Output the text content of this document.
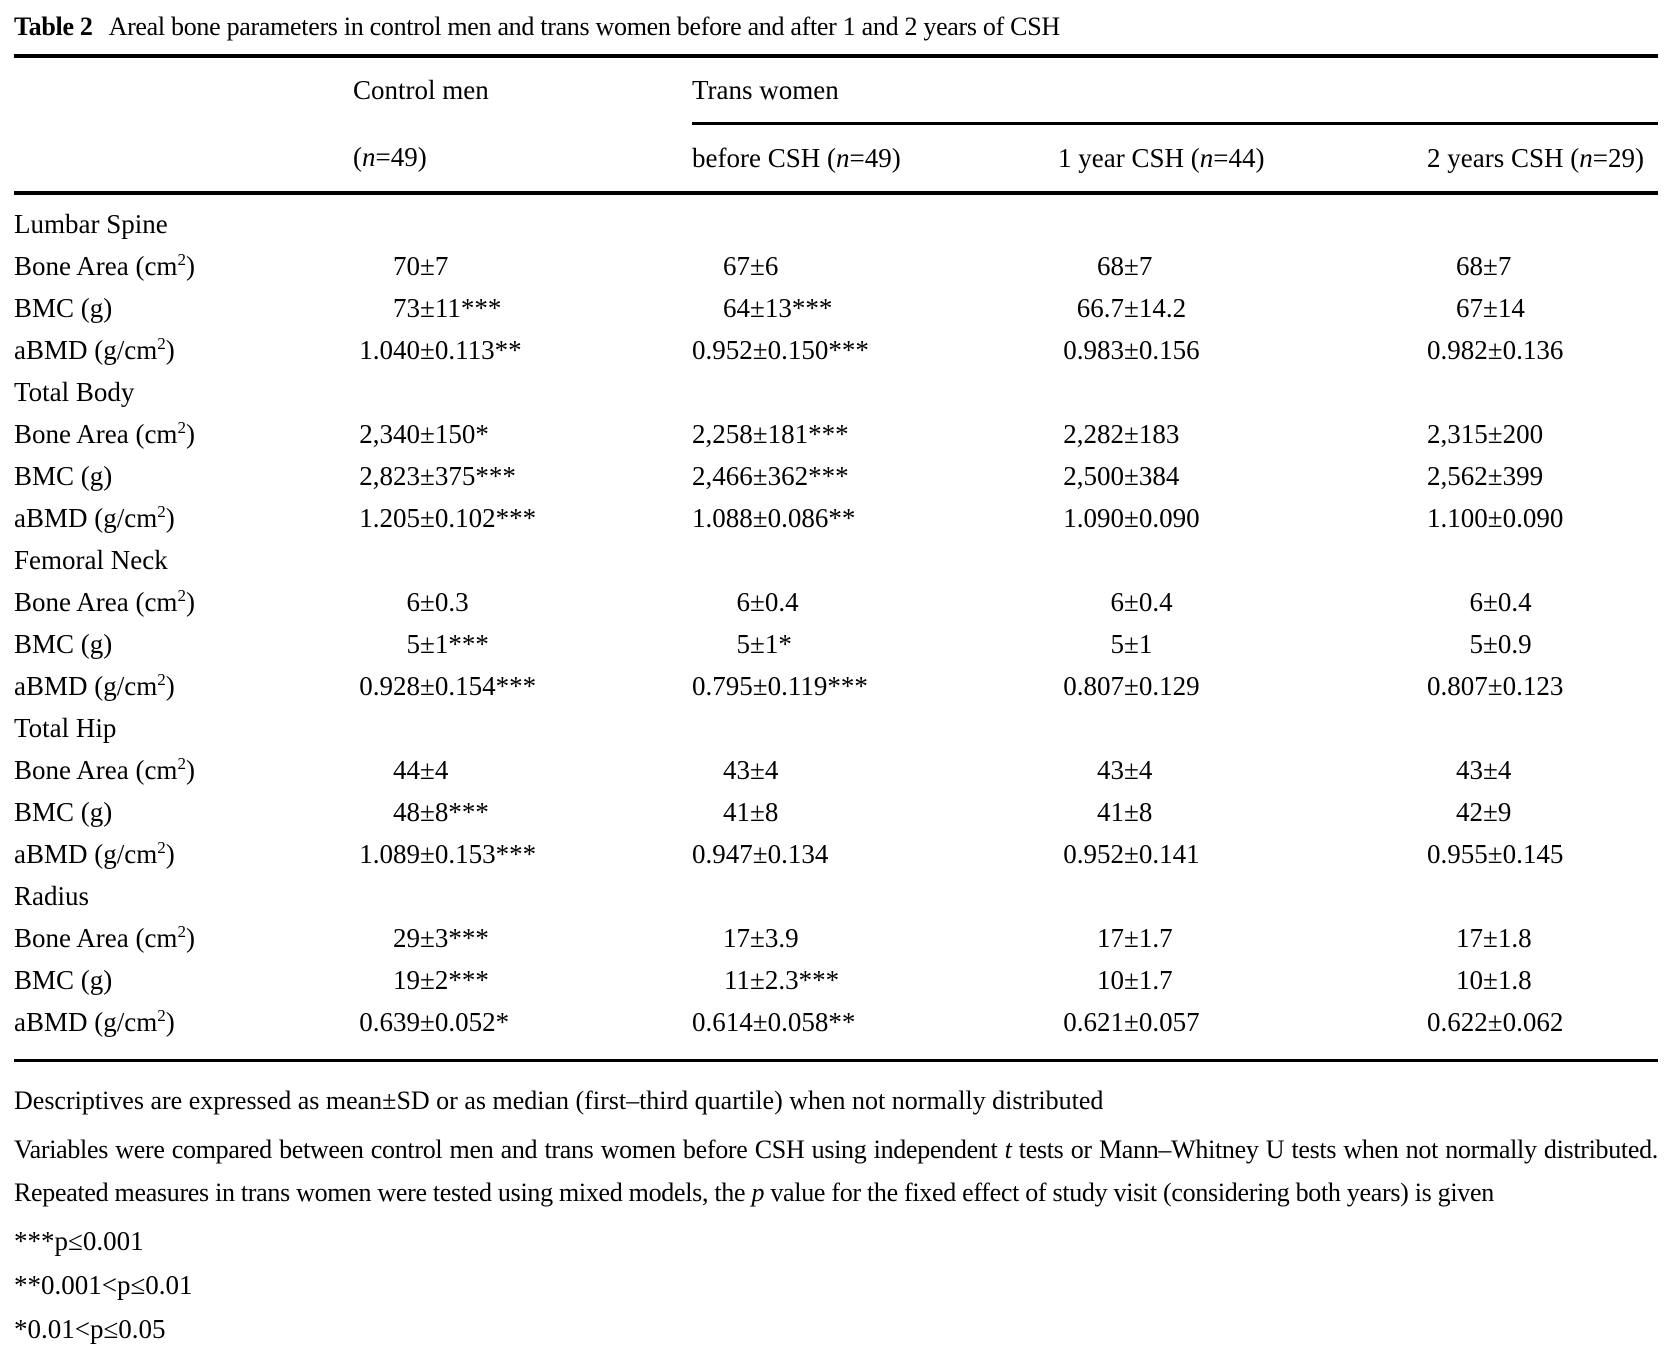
Table 2 Areal bone parameters in control men and trans women before and after 1 and 2 years of CSH
	Control men	Trans women		
	(n=49)	before CSH (n=49)	1 year CSH (n=44)	2 years CSH (n=29)
Lumbar Spine				
Bone Area $(cm^2)$	70 ± 7	67 ± 6	68 ± 7	68 ± 7

BMC (g)	73 ± 11***	64 ± 13***	66.7 ± 14.2	67 ± 14

aBMD $(g/cm^2)$	1.040 ± 0.113**	0.952 ± 0.150***	0.983 ± 0.156	0.982 ± 0.136

Total Body				
Bone Area $(cm^2)$	2,340 ± 150*	2,258 ± 181***	2,282 ± 183	2,315 ± 200

BMC (g)	2,823 ± 375***	2,466 ± 362***	2,500 ± 384	2,562 ± 399

aBMD $(g/cm^2)$	1.205 ± 0.102***	1.088 ± 0.086**	1.090 ± 0.090	1.100 ± 0.090

Femoral Neck				
Bone Area $(cm^2)$	6 ± 0.3	6 ± 0.4	6 ± 0.4	6 ± 0.4

BMC (g)	5 ± 1***	5 ± 1*	5 ± 1	5 ± 0.9

aBMD $(g/cm^2)$	0.928 ± 0.154***	0.795 ± 0.119***	0.807 ± 0.129	0.807 ± 0.123

Total Hip				
Bone Area $(cm^2)$	44 ± 4	43 ± 4	43 ± 4	43 ± 4

BMC (g)	48 ± 8***	41 ± 8	41 ± 8	42 ± 9

aBMD $(g/cm^2)$	1.089 ± 0.153***	0.947 ± 0.134	0.952 ± 0.141	0.955 ± 0.145

Radius				
Bone Area $(cm^2)$	29 ± 3***	17 ± 3.9	17 ± 1.7	17 ± 1.8

BMC (g)	19 ± 2***	11 ± 2.3***	10 ± 1.7	10 ± 1.8

aBMD $(g/cm^2)$	0.639 ± 0.052*	0.614 ± 0.058**	0.621 ± 0.057	0.622 ± 0.062

Descriptives are expressed as mean±SD or as median (first–third quartile) when not normally distributed

Variables were compared between control men and trans women before CSH using independent t tests or Mann–Whitney U tests when not normally distributed. Repeated measures in trans women were tested using mixed models, the p value for the fixed effect of study visit (considering both years) is given

***p≤0.001

**0.001<p≤0.01

*0.01<p≤0.05
